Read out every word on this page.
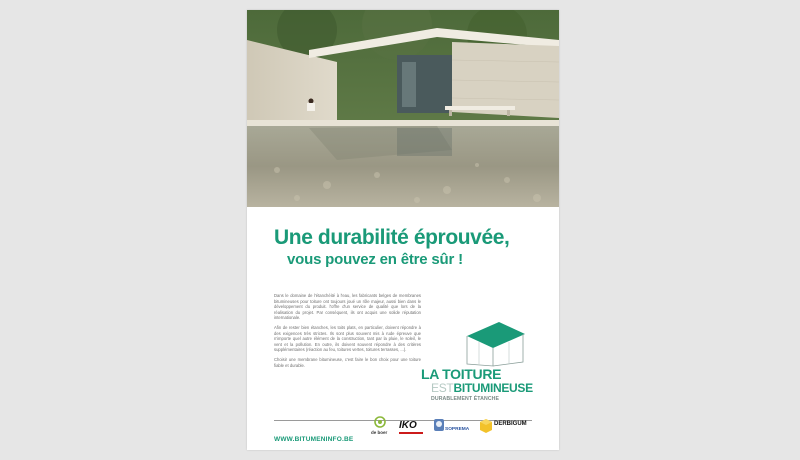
Une durabilité éprouvée,
vous pouvez en être sûr !

Dans le domaine de l'étanchéité à l'eau, les fabricants belges de membranes bitumineuses pour toiture ont toujours joué un rôle majeur, aussi bien dans le développement du produit. l'offre d'un service de qualité que lors de la réalisation du projet. Par conséquent, ils ont acquis une solide réputation internationale.

Afin de rester bien étanches, les toits plats, en particulier, doivent répondre à des exigences très strictes. Ils sont plus souvent mis à rude épreuve que n'importe quel autre élément de la construction, tant par la pluie, le soleil, le vent et la pollution. En outre, ils doivent souvent répondre à des critères supplémentaires (réaction au feu, toitures vertes, toitures terrasses, ...).

Choisir une membrane bitumineuse, c'est faire le bon choix pour une toiture fiable et durable.

LA TOITURE
ESTBITUMINEUSE
DURABLEMENT ÉTANCHE
WWW.BITUMENINFO.BE
de boer
IKO	SOPREMA
DERBIGUM
